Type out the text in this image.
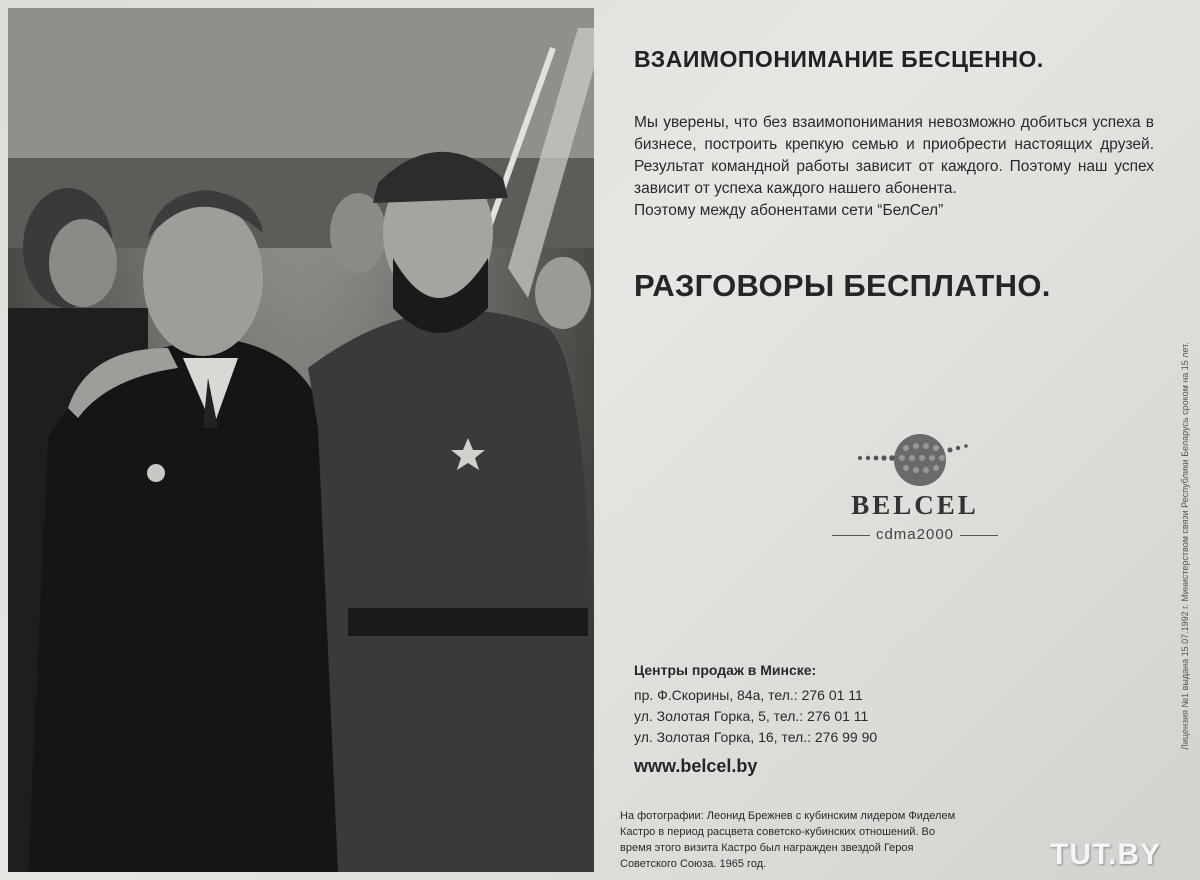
ВЗАИМОПОНИМАНИЕ БЕСЦЕННО.

Мы уверены, что без взаимопонимания невозможно добиться успеха в бизнесе, построить крепкую семью и приобрести настоящих друзей. Результат командной работы зависит от каждого. Поэтому наш успех зависит от успеха каждого нашего абонента.
Поэтому между абонентами сети “БелСел”

РАЗГОВОРЫ БЕСПЛАТНО.
BELCEL
cdma2000
Центры продаж в Минске:
пр. Ф.Скорины, 84а, тел.: 276 01 11
ул. Золотая Горка, 5, тел.: 276 01 11
ул. Золотая Горка, 16, тел.: 276 99 90
www.belcel.by
На фотографии: Леонид Брежнев с кубинским лидером Фиделем Кастро в период расцвета советско-кубинских отношений. Во время этого визита Кастро был награжден звездой Героя Советского Союза. 1965 год.
Лицензия №1 выдана 15.07.1992 г. Министерством связи Республики Беларусь сроком на 15 лет.
TUT.BY
